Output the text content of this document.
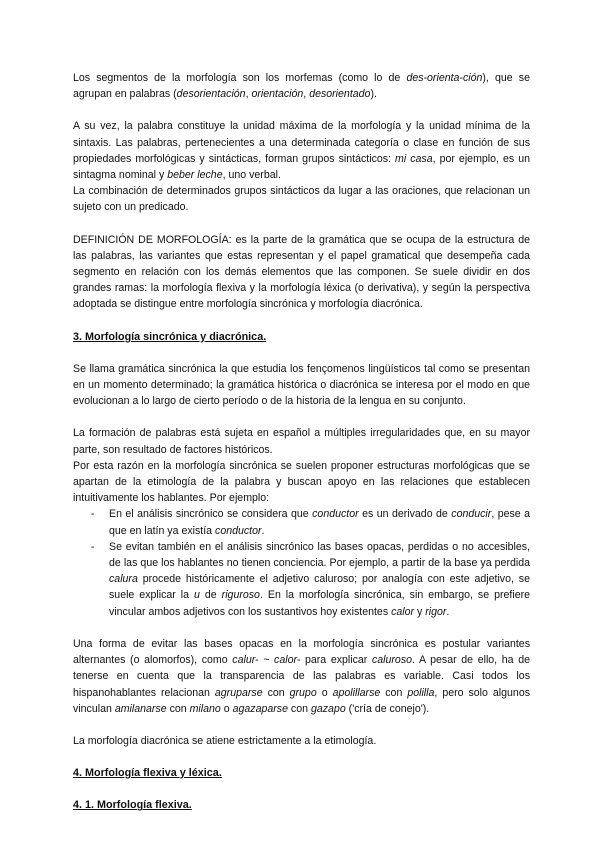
Los segmentos de la morfología son los morfemas (como lo de des-orienta-ción), que se agrupan en palabras (desorientación, orientación, desorientado).

A su vez, la palabra constituye la unidad máxima de la morfología y la unidad mínima de la sintaxis. Las palabras, pertenecientes a una determinada categoría o clase en función de sus propiedades morfológicas y sintácticas, forman grupos sintácticos: mi casa, por ejemplo, es un sintagma nominal y beber leche, uno verbal.

La combinación de determinados grupos sintácticos da lugar a las oraciones, que relacionan un sujeto con un predicado.

DEFINICIÓN DE MORFOLOGÍA: es la parte de la gramática que se ocupa de la estructura de las palabras, las variantes que estas representan y el papel gramatical que desempeña cada segmento en relación con los demás elementos que las componen. Se suele dividir en dos grandes ramas: la morfología flexiva y la morfología léxica (o derivativa), y según la perspectiva adoptada se distingue entre morfología sincrónica y morfología diacrónica.

3. Morfología sincrónica y diacrónica.

Se llama gramática sincrónica la que estudia los fençomenos lingüísticos tal como se presentan en un momento determinado; la gramática histórica o diacrónica se interesa por el modo en que evolucionan a lo largo de cierto período o de la historia de la lengua en su conjunto.

La formación de palabras está sujeta en español a múltiples irregularidades que, en su mayor parte, son resultado de factores históricos.

Por esta razón en la morfología sincrónica se suelen proponer estructuras morfológicas que se apartan de la etimología de la palabra y buscan apoyo en las relaciones que establecen intuitivamente los hablantes. Por ejemplo:

- En el análisis sincrónico se considera que conductor es un derivado de conducir, pese a que en latín ya existía conductor.
- Se evitan también en el análisis sincrónico las bases opacas, perdidas o no accesibles, de las que los hablantes no tienen conciencia. Por ejemplo, a partir de la base ya perdida calura procede históricamente el adjetivo caluroso; por analogía con este adjetivo, se suele explicar la u de riguroso. En la morfología sincrónica, sin embargo, se prefiere vincular ambos adjetivos con los sustantivos hoy existentes calor y rigor.

Una forma de evitar las bases opacas en la morfología sincrónica es postular variantes alternantes (o alomorfos), como calur- ~ calor- para explicar caluroso. A pesar de ello, ha de tenerse en cuenta que la transparencia de las palabras es variable. Casi todos los hispanohablantes relacionan agruparse con grupo o apolillarse con polilla, pero solo algunos vinculan amilanarse con milano o agazaparse con gazapo ('cría de conejo').

La morfología diacrónica se atiene estrictamente a la etimología.

4. Morfología flexiva y léxica.
4. 1. Morfología flexiva.
